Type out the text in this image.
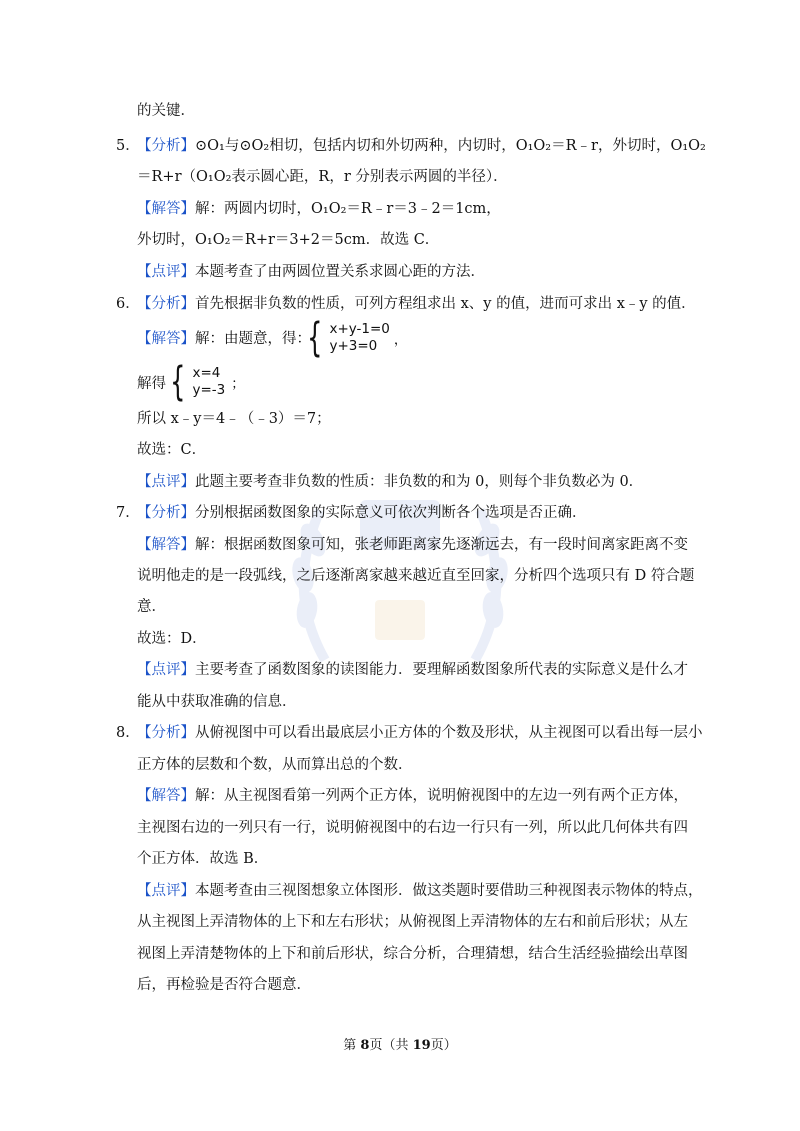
的关键．
5．
【分析】⊙O₁与⊙O₂相切，包括内切和外切两种，内切时，O₁O₂＝R﹣r，外切时，O₁O₂
＝R+r（O₁O₂表示圆心距，R，r 分别表示两圆的半径）．
【解答】解：两圆内切时，O₁O₂＝R﹣r＝3﹣2＝1cm，
外切时，O₁O₂＝R+r＝3+2＝5cm．故选 C．
【点评】本题考查了由两圆位置关系求圆心距的方法．
6．
【分析】首先根据非负数的性质，可列方程组求出 x、y 的值，进而可求出 x﹣y 的值．
【解答】解：由题意，得：
{ x+y-1=0
y+3=0	，
解得 { x=4
y=-3 ；
所以 x﹣y＝4﹣（﹣3）＝7；
故选：C．
【点评】此题主要考查非负数的性质：非负数的和为 0，则每个非负数必为 0．
7．
【分析】分别根据函数图象的实际意义可依次判断各个选项是否正确．
【解答】解：根据函数图象可知，张老师距离家先逐渐远去，有一段时间离家距离不变
说明他走的是一段弧线，之后逐渐离家越来越近直至回家，分析四个选项只有 D 符合题
意．
故选：D．
【点评】主要考查了函数图象的读图能力．要理解函数图象所代表的实际意义是什么才
能从中获取准确的信息．
8．
【分析】从俯视图中可以看出最底层小正方体的个数及形状，从主视图可以看出每一层小
正方体的层数和个数，从而算出总的个数．
【解答】解：从主视图看第一列两个正方体，说明俯视图中的左边一列有两个正方体，
主视图右边的一列只有一行，说明俯视图中的右边一行只有一列，所以此几何体共有四
个正方体．故选 B．
【点评】本题考查由三视图想象立体图形．做这类题时要借助三种视图表示物体的特点，
从主视图上弄清物体的上下和左右形状；从俯视图上弄清物体的左右和前后形状；从左
视图上弄清楚物体的上下和前后形状，综合分析，合理猜想，结合生活经验描绘出草图
后，再检验是否符合题意．
第 8页（共 19页）
